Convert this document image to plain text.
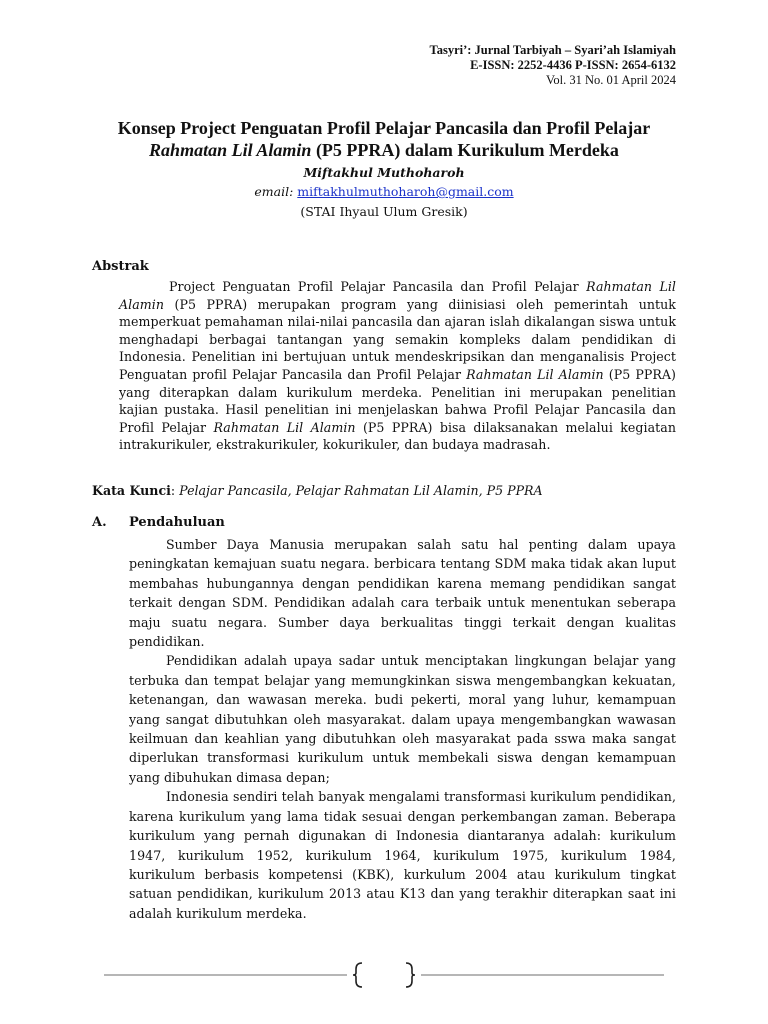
Tasyri’: Jurnal Tarbiyah – Syari’ah Islamiyah
E-ISSN: 2252-4436 P-ISSN: 2654-6132
Vol. 31 No. 01 April 2024
Konsep Project Penguatan Profil Pelajar Pancasila dan Profil Pelajar
Rahmatan Lil Alamin (P5 PPRA) dalam Kurikulum Merdeka
Miftakhul Muthoharoh
email: miftakhulmuthoharoh@gmail.com
(STAI Ihyaul Ulum Gresik)
Abstrak

Project Penguatan Profil Pelajar Pancasila dan Profil Pelajar Rahmatan Lil Alamin (P5 PPRA) merupakan program yang diinisiasi oleh pemerintah untuk memperkuat pemahaman nilai-nilai pancasila dan ajaran islah dikalangan siswa untuk menghadapi berbagai tantangan yang semakin kompleks dalam pendidikan di Indonesia. Penelitian ini bertujuan untuk mendeskripsikan dan menganalisis Project Penguatan profil Pelajar Pancasila dan Profil Pelajar Rahmatan Lil Alamin (P5 PPRA) yang diterapkan dalam kurikulum merdeka. Penelitian ini merupakan penelitian kajian pustaka. Hasil penelitian ini menjelaskan bahwa Profil Pelajar Pancasila dan Profil Pelajar Rahmatan Lil Alamin (P5 PPRA) bisa dilaksanakan melalui kegiatan intrakurikuler, ekstrakurikuler, kokurikuler, dan budaya madrasah.

Kata Kunci: Pelajar Pancasila, Pelajar Rahmatan Lil Alamin, P5 PPRA
A. Pendahuluan

Sumber Daya Manusia merupakan salah satu hal penting dalam upaya peningkatan kemajuan suatu negara. berbicara tentang SDM maka tidak akan luput membahas hubungannya dengan pendidikan karena memang pendidikan sangat terkait dengan SDM. Pendidikan adalah cara terbaik untuk menentukan seberapa maju suatu negara. Sumber daya berkualitas tinggi terkait dengan kualitas pendidikan.

Pendidikan adalah upaya sadar untuk menciptakan lingkungan belajar yang terbuka dan tempat belajar yang memungkinkan siswa mengembangkan kekuatan, ketenangan, dan wawasan mereka. budi pekerti, moral yang luhur, kemampuan yang sangat dibutuhkan oleh masyarakat. dalam upaya mengembangkan wawasan keilmuan dan keahlian yang dibutuhkan oleh masyarakat pada sswa maka sangat diperlukan transformasi kurikulum untuk membekali siswa dengan kemampuan yang dibuhukan dimasa depan;

Indonesia sendiri telah banyak mengalami transformasi kurikulum pendidikan, karena kurikulum yang lama tidak sesuai dengan perkembangan zaman. Beberapa kurikulum yang pernah digunakan di Indonesia diantaranya adalah: kurikulum 1947, kurikulum 1952, kurikulum 1964, kurikulum 1975, kurikulum 1984, kurikulum berbasis kompetensi (KBK), kurkulum 2004 atau kurikulum tingkat satuan pendidikan, kurikulum 2013 atau K13 dan yang terakhir diterapkan saat ini adalah kurikulum merdeka.
